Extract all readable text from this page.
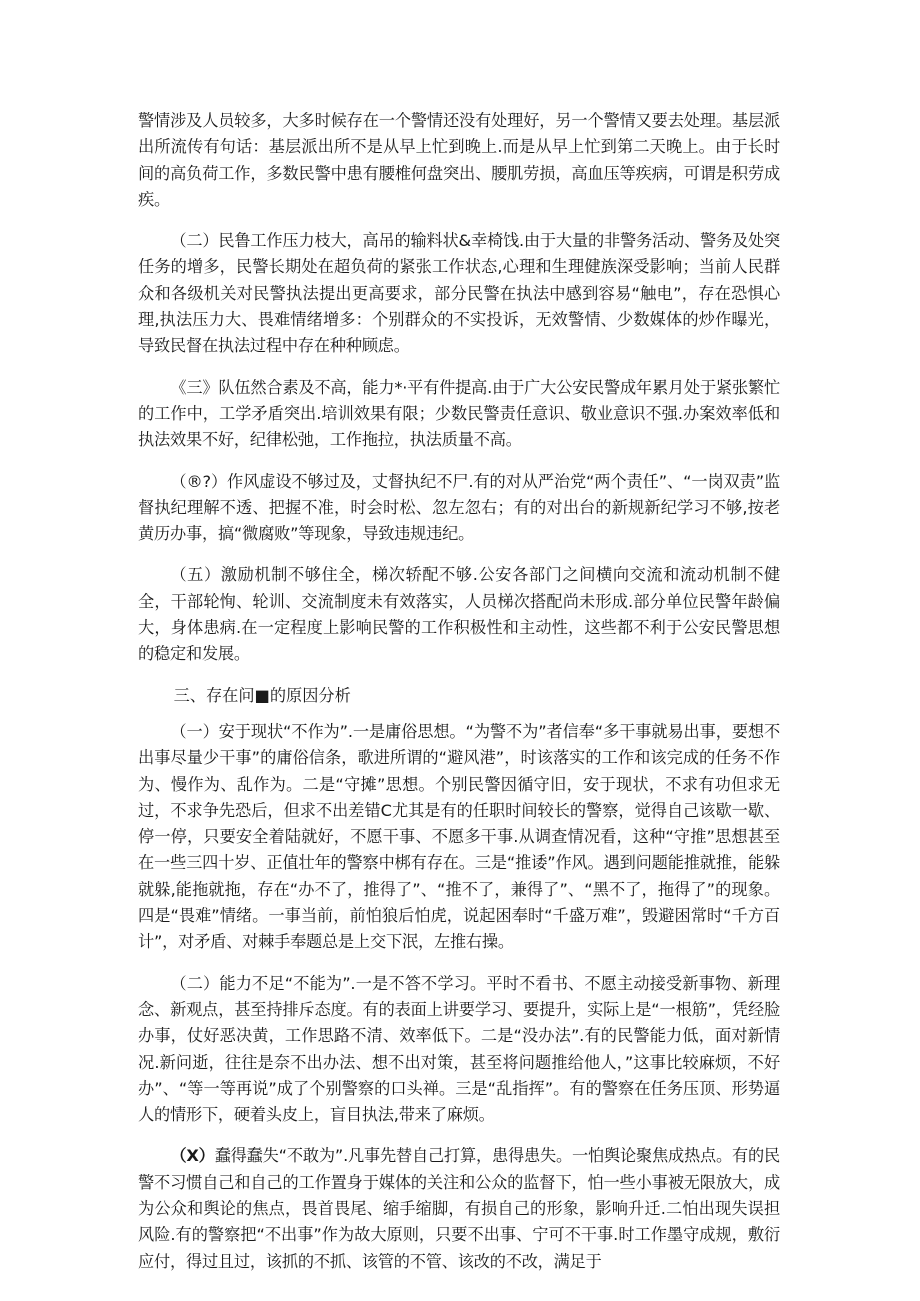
警情涉及人员较多，大多时候存在一个警情还没有处理好，另一个警情又要去处理。基层派出所流传有句话：基层派出所不是从早上忙到晚上.而是从早上忙到第二天晚上。由于长时间的高负荷工作，多数民警中患有腰椎何盘突出、腰肌劳损，高血压等疾病，可谓是积劳成疾。

（二）民鲁工作压力枝大，高吊的输料状&幸椅饯.由于大量的非警务活动、警务及处突任务的增多，民警长期处在超负荷的紧张工作状态,心理和生理健族深受影响；当前人民群众和各级机关对民警执法提出更高要求，部分民警在执法中感到容易“触电”，存在恐惧心理,执法压力大、畏难情绪增多：个别群众的不实投诉，无效警情、少数媒体的炒作曝光，导致民督在执法过程中存在种种顾虑。

《三》队伍然合素及不高，能力*·平有件提高.由于广大公安民警成年累月处于紧张繁忙的工作中，工学矛盾突出.培训效果有限；少数民警责任意识、敬业意识不强.办案效率低和执法效果不好，纪律松弛，工作拖拉，执法质量不高。

（®?）作风虚设不够过及，丈督执纪不尸.有的对从严治党“两个责任”、“一岗双责”监督执纪理解不透、把握不准，时会时松、忽左忽右；有的对出台的新规新纪学习不够,按老黄历办事，搞“微腐败”等现象，导致违规违纪。

（五）激励机制不够住全，梯次轿配不够.公安各部门之间横向交流和流动机制不健全，干部轮恂、轮训、交流制度未有效落实，人员梯次搭配尚未形成.部分单位民警年龄偏大，身体患病.在一定程度上影响民警的工作积极性和主动性，这些都不利于公安民警思想的稳定和发展。

三、存在问■的原因分析

（一）安于现状“不作为”.一是庸俗思想。“为警不为”者信奉“多干事就易出事，要想不出事尽量少干事”的庸俗信条，歌进所谓的“避风港”，时该落实的工作和该完成的任务不作为、慢作为、乱作为。二是“守摊”思想。个别民警因循守旧，安于现状，不求有功但求无过，不求争先恐后，但求不出差错C尤其是有的任职时间较长的警察，觉得自己该歇一歇、停一停，只要安全着陆就好，不愿干事、不愿多干事.从调查情况看，这种“守推”思想甚至在一些三四十岁、正值壮年的警察中梆有存在。三是“推诿”作风。遇到问题能推就推，能躲就躲,能拖就拖，存在“办不了，推得了”、“推不了，兼得了”、“黑不了，拖得了”的现象。四是“畏难”情绪。一事当前，前怕狼后怕虎，说起困奉时“千盛万难”，毁避困常时“千方百计”，对矛盾、对棘手奉题总是上交下泯，左推右操。

（二）能力不足“不能为”.一是不答不学习。平时不看书、不愿主动接受新事物、新理念、新观点，甚至持排斥态度。有的表面上讲要学习、要提升，实际上是“一根筋”，凭经脸办事，仗好恶决黄，工作思路不清、效率低下。二是“没办法”.有的民警能力低，面对新情况.新问逝，往往是奈不出办法、想不出对策，甚至将问题推给他人，”这事比较麻烦，不好办”、“等一等再说”成了个别警察的口头禅。三是“乱指挥”。有的警察在任务压顶、形势逼人的情形下，硬着头皮上，盲目执法,带来了麻烦。

（X）蠢得蠢失“不敢为”.凡事先替自己打算，患得患失。一怕舆论聚焦成热点。有的民警不习惯自己和自己的工作置身于媒体的关注和公众的监督下，怕一些小事被无限放大，成为公众和舆论的焦点，畏首畏尾、缩手缩脚，有损自己的形象，影响升迁.二怕出现失误担风险.有的警察把“不出事”作为故大原则，只要不出事、宁可不干事.时工作墨守成规，敷衍应付，得过且过，该抓的不抓、该管的不管、该改的不改，满足于
